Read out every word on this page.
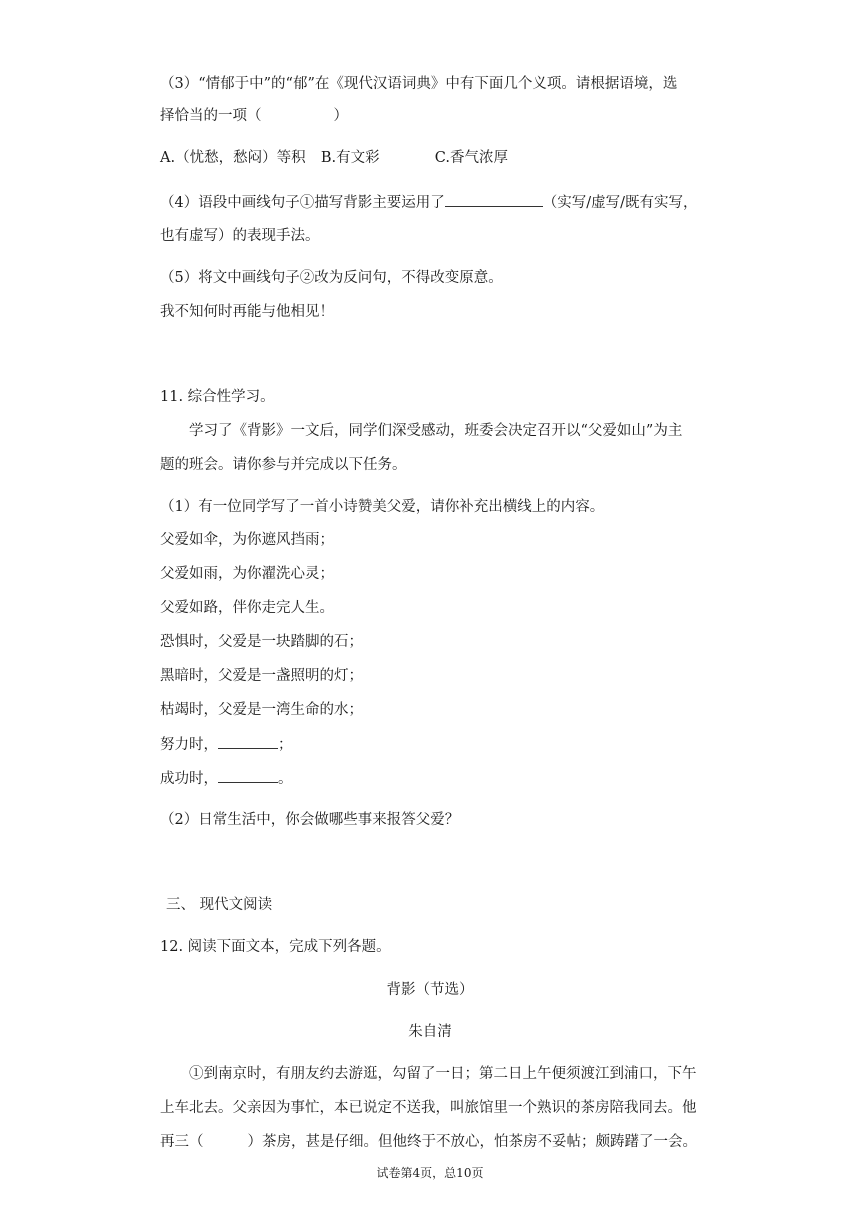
（3）“情郁于中”的“郁”在《现代汉语词典》中有下面几个义项。请根据语境，选
择恰当的一项（	）
A.（忧愁，愁闷）等积 B.有文彩	C.香气浓厚
（4）语段中画线句子①描写背影主要运用了	（实写/虚写/既有实写，
也有虚写）的表现手法。
（5）将文中画线句子②改为反问句，不得改变原意。
我不知何时再能与他相见！
11. 综合性学习。
学习了《背影》一文后，同学们深受感动，班委会决定召开以“父爱如山”为主
题的班会。请你参与并完成以下任务。
（1）有一位同学写了一首小诗赞美父爱，请你补充出横线上的内容。
父爱如伞，为你遮风挡雨；
父爱如雨，为你濯洗心灵；
父爱如路，伴你走完人生。
恐惧时，父爱是一块踏脚的石；
黑暗时，父爱是一盏照明的灯；
枯竭时，父爱是一湾生命的水；
努力时，	；
成功时，	。
（2）日常生活中，你会做哪些事来报答父爱？
三、 现代文阅读
12. 阅读下面文本，完成下列各题。
背影（节选）
朱自清
①到南京时，有朋友约去游逛，勾留了一日；第二日上午便须渡江到浦口，下午
上车北去。父亲因为事忙，本已说定不送我，叫旅馆里一个熟识的茶房陪我同去。他
再三（	）茶房，甚是仔细。但他终于不放心，怕茶房不妥帖；颇踌躇了一会。
试卷第4页，总10页
